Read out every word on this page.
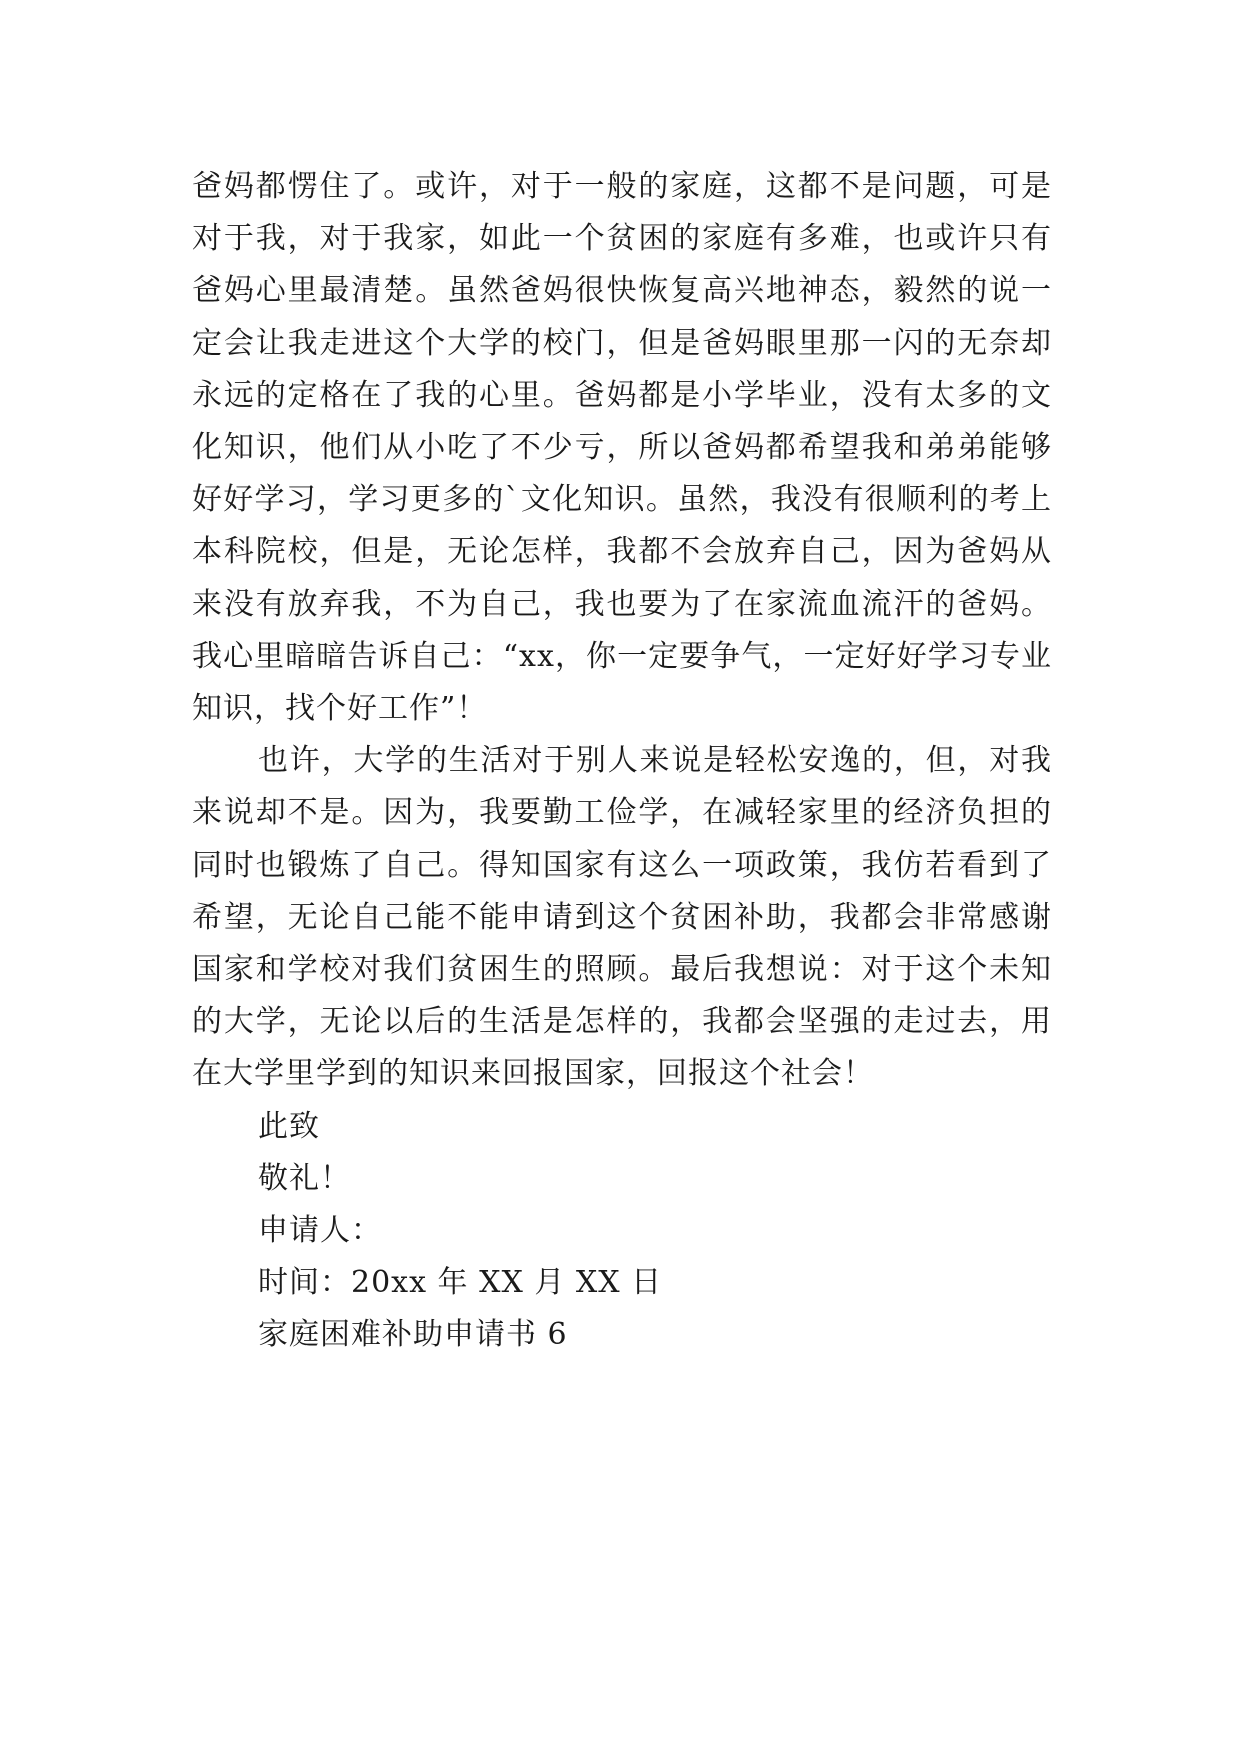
爸妈都愣住了。或许，对于一般的家庭，这都不是问题，可是对于我，对于我家，如此一个贫困的家庭有多难，也或许只有爸妈心里最清楚。虽然爸妈很快恢复高兴地神态，毅然的说一定会让我走进这个大学的校门，但是爸妈眼里那一闪的无奈却永远的定格在了我的心里。爸妈都是小学毕业，没有太多的文化知识，他们从小吃了不少亏，所以爸妈都希望我和弟弟能够好好学习，学习更多的`文化知识。虽然，我没有很顺利的考上本科院校，但是，无论怎样，我都不会放弃自己，因为爸妈从来没有放弃我，不为自己，我也要为了在家流血流汗的爸妈。我心里暗暗告诉自己：“xx，你一定要争气，一定好好学习专业知识，找个好工作”！

也许，大学的生活对于别人来说是轻松安逸的，但，对我来说却不是。因为，我要勤工俭学，在减轻家里的经济负担的同时也锻炼了自己。得知国家有这么一项政策，我仿若看到了希望，无论自己能不能申请到这个贫困补助，我都会非常感谢国家和学校对我们贫困生的照顾。最后我想说：对于这个未知的大学，无论以后的生活是怎样的，我都会坚强的走过去，用在大学里学到的知识来回报国家，回报这个社会！

此致
敬礼！
申请人：
时间：20xx 年 XX 月 XX 日
家庭困难补助申请书 6
